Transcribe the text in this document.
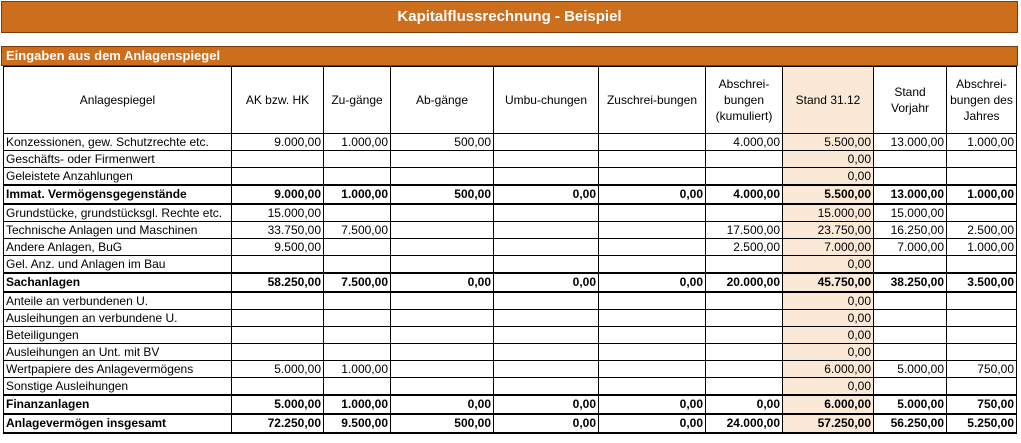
Kapitalflussrechnung - Beispiel
Eingaben aus dem Anlagenspiegel
Anlagespiegel	AK bzw. HK	Zu-gänge	Ab-gänge	Umbu-chungen	Zuschrei-bungen	Abschrei-bungen (kumuliert)	Stand 31.12	Stand Vorjahr	Abschrei-bungen des Jahres
Konzessionen, gew. Schutzrechte etc.	9.000,00	1.000,00	500,00			4.000,00	5.500,00	13.000,00	1.000,00
Geschäfts- oder Firmenwert							0,00		
Geleistete Anzahlungen							0,00		
Immat. Vermögensgegenstände	9.000,00	1.000,00	500,00	0,00	0,00	4.000,00	5.500,00	13.000,00	1.000,00
Grundstücke, grundstücksgl. Rechte etc.	15.000,00						15.000,00	15.000,00	
Technische Anlagen und Maschinen	33.750,00	7.500,00				17.500,00	23.750,00	16.250,00	2.500,00
Andere Anlagen, BuG	9.500,00					2.500,00	7.000,00	7.000,00	1.000,00
Gel. Anz. und Anlagen im Bau							0,00		
Sachanlagen	58.250,00	7.500,00	0,00	0,00	0,00	20.000,00	45.750,00	38.250,00	3.500,00
Anteile an verbundenen U.							0,00		
Ausleihungen an verbundene U.							0,00		
Beteiligungen							0,00		
Ausleihungen an Unt. mit BV							0,00		
Wertpapiere des Anlagevermögens	5.000,00	1.000,00					6.000,00	5.000,00	750,00
Sonstige Ausleihungen							0,00		
Finanzanlagen	5.000,00	1.000,00	0,00	0,00	0,00	0,00	6.000,00	5.000,00	750,00
Anlagevermögen insgesamt	72.250,00	9.500,00	500,00	0,00	0,00	24.000,00	57.250,00	56.250,00	5.250,00
